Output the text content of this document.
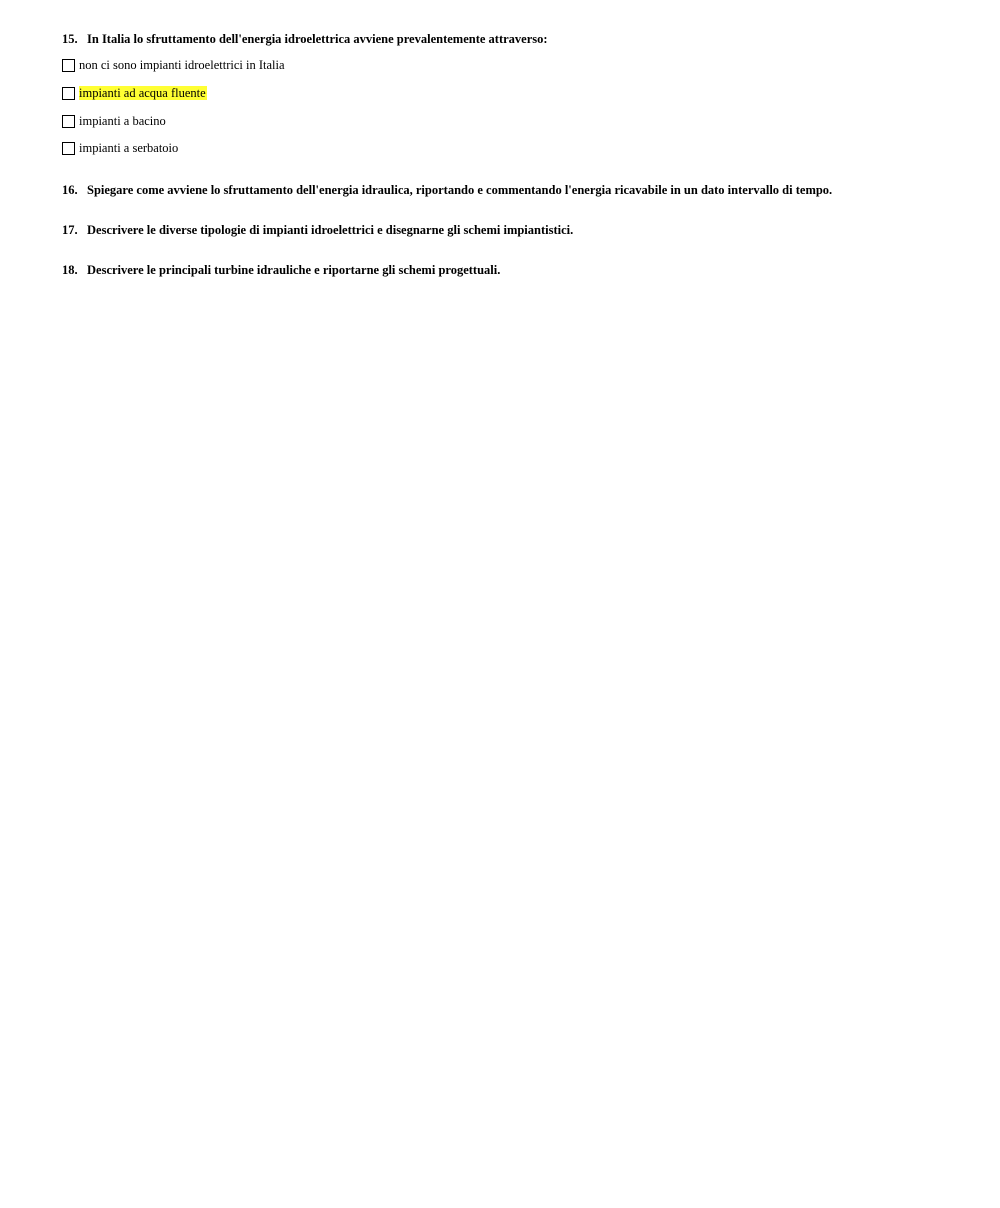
15. In Italia lo sfruttamento dell'energia idroelettrica avviene prevalentemente attraverso:
non ci sono impianti idroelettrici in Italia
impianti ad acqua fluente
impianti a bacino
impianti a serbatoio
16. Spiegare come avviene lo sfruttamento dell'energia idraulica, riportando e commentando l'energia ricavabile in un dato intervallo di tempo.
17. Descrivere le diverse tipologie di impianti idroelettrici e disegnarne gli schemi impiantistici.
18. Descrivere le principali turbine idrauliche e riportarne gli schemi progettuali.
